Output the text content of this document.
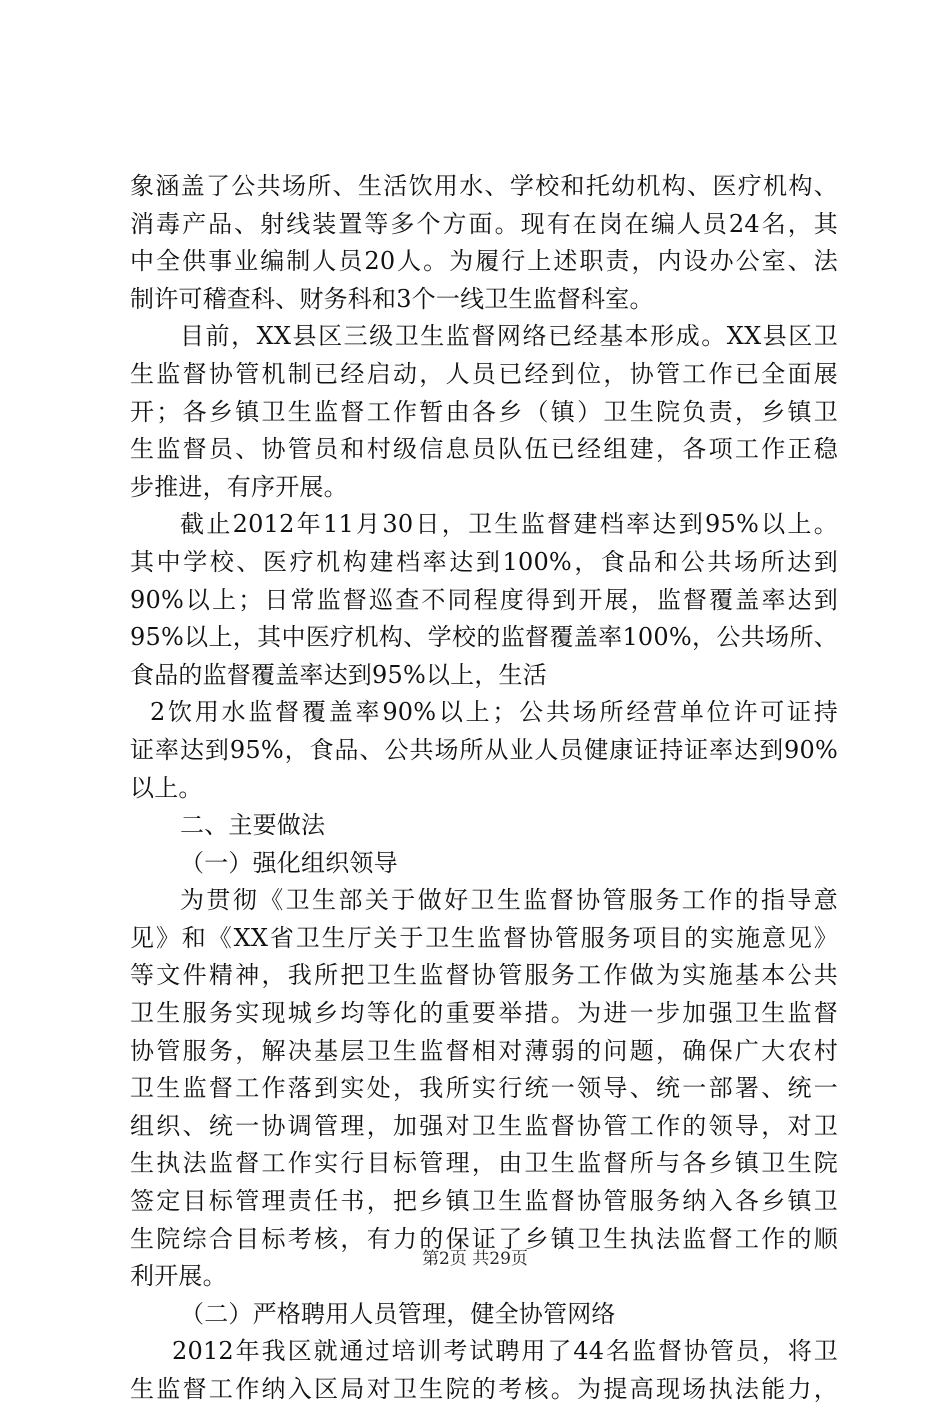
象涵盖了公共场所、生活饮用水、学校和托幼机构、医疗机构、
消毒产品、射线装置等多个方面。现有在岗在编人员24名，其
中全供事业编制人员20人。为履行上述职责，内设办公室、法
制许可稽查科、财务科和3个一线卫生监督科室。
目前，XX县区三级卫生监督网络已经基本形成。XX县区卫
生监督协管机制已经启动，人员已经到位，协管工作已全面展
开；各乡镇卫生监督工作暂由各乡（镇）卫生院负责，乡镇卫
生监督员、协管员和村级信息员队伍已经组建，各项工作正稳
步推进，有序开展。
截止2012年11月30日，卫生监督建档率达到95%以上。
其中学校、医疗机构建档率达到100%，食品和公共场所达到
90%以上；日常监督巡查不同程度得到开展，监督覆盖率达到
95%以上，其中医疗机构、学校的监督覆盖率100%，公共场所、
食品的监督覆盖率达到95%以上，生活
2饮用水监督覆盖率90%以上；公共场所经营单位许可证持
证率达到95%，食品、公共场所从业人员健康证持证率达到90%
以上。
二、主要做法
（一）强化组织领导
为贯彻《卫生部关于做好卫生监督协管服务工作的指导意
见》和《XX省卫生厅关于卫生监督协管服务项目的实施意见》
等文件精神，我所把卫生监督协管服务工作做为实施基本公共
卫生服务实现城乡均等化的重要举措。为进一步加强卫生监督
协管服务，解决基层卫生监督相对薄弱的问题，确保广大农村
卫生监督工作落到实处，我所实行统一领导、统一部署、统一
组织、统一协调管理，加强对卫生监督协管工作的领导，对卫
生执法监督工作实行目标管理，由卫生监督所与各乡镇卫生院
签定目标管理责任书，把乡镇卫生监督协管服务纳入各乡镇卫
生院综合目标考核，有力的保证了乡镇卫生执法监督工作的顺
利开展。
（二）严格聘用人员管理，健全协管网络
2012年我区就通过培训考试聘用了44名监督协管员，将卫
生监督工作纳入区局对卫生院的考核。为提高现场执法能力，
第2页 共29页
